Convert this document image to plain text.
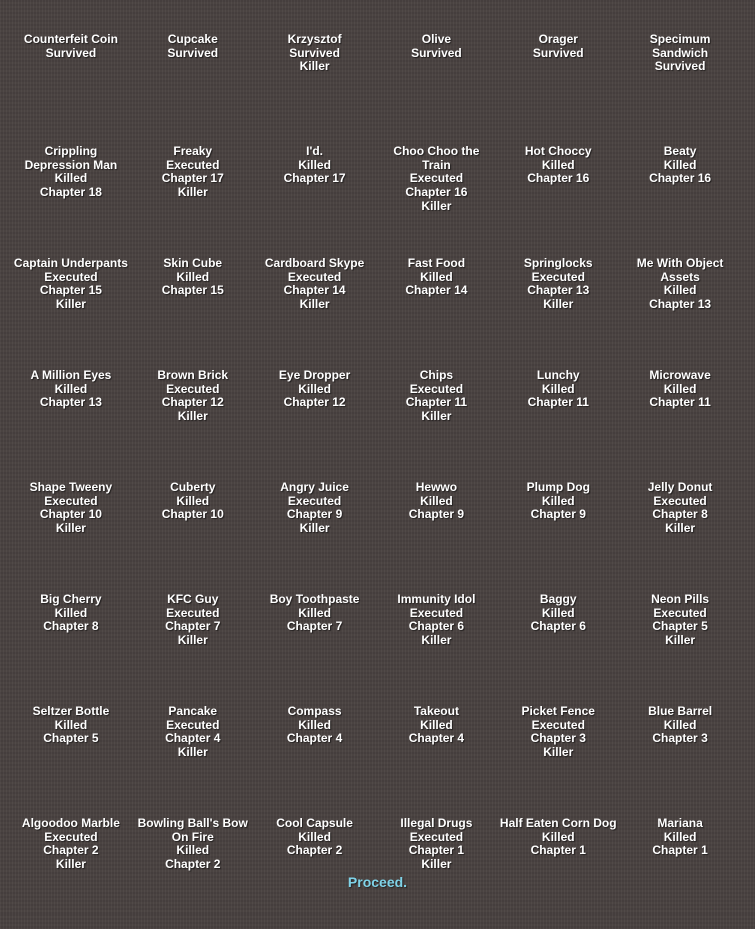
Counterfeit Coin
Survived
Cupcake
Survived
Krzysztof
Survived
Killer
Olive
Survived
Orager
Survived
Specimum Sandwich
Survived
Crippling Depression Man
Killed
Chapter 18
Freaky
Executed
Chapter 17
Killer
I'd.
Killed
Chapter 17
Choo Choo the Train
Executed
Chapter 16
Killer
Hot Choccy
Killed
Chapter 16
Beaty
Killed
Chapter 16
Captain Underpants
Executed
Chapter 15
Killer
Skin Cube
Killed
Chapter 15
Cardboard Skype
Executed
Chapter 14
Killer
Fast Food
Killed
Chapter 14
Springlocks
Executed
Chapter 13
Killer
Me With Object Assets
Killed
Chapter 13
A Million Eyes
Killed
Chapter 13
Brown Brick
Executed
Chapter 12
Killer
Eye Dropper
Killed
Chapter 12
Chips
Executed
Chapter 11
Killer
Lunchy
Killed
Chapter 11
Microwave
Killed
Chapter 11
Shape Tweeny
Executed
Chapter 10
Killer
Cuberty
Killed
Chapter 10
Angry Juice
Executed
Chapter 9
Killer
Hewwo
Killed
Chapter 9
Plump Dog
Killed
Chapter 9
Jelly Donut
Executed
Chapter 8
Killer
Big Cherry
Killed
Chapter 8
KFC Guy
Executed
Chapter 7
Killer
Boy Toothpaste
Killed
Chapter 7
Immunity Idol
Executed
Chapter 6
Killer
Baggy
Killed
Chapter 6
Neon Pills
Executed
Chapter 5
Killer
Seltzer Bottle
Killed
Chapter 5
Pancake
Executed
Chapter 4
Killer
Compass
Killed
Chapter 4
Takeout
Killed
Chapter 4
Picket Fence
Executed
Chapter 3
Killer
Blue Barrel
Killed
Chapter 3
Algoodoo Marble
Executed
Chapter 2
Killer
Bowling Ball's Bow On Fire
Killed
Chapter 2
Cool Capsule
Killed
Chapter 2
Illegal Drugs
Executed
Chapter 1
Killer
Half Eaten Corn Dog
Killed
Chapter 1
Mariana
Killed
Chapter 1
Proceed.
